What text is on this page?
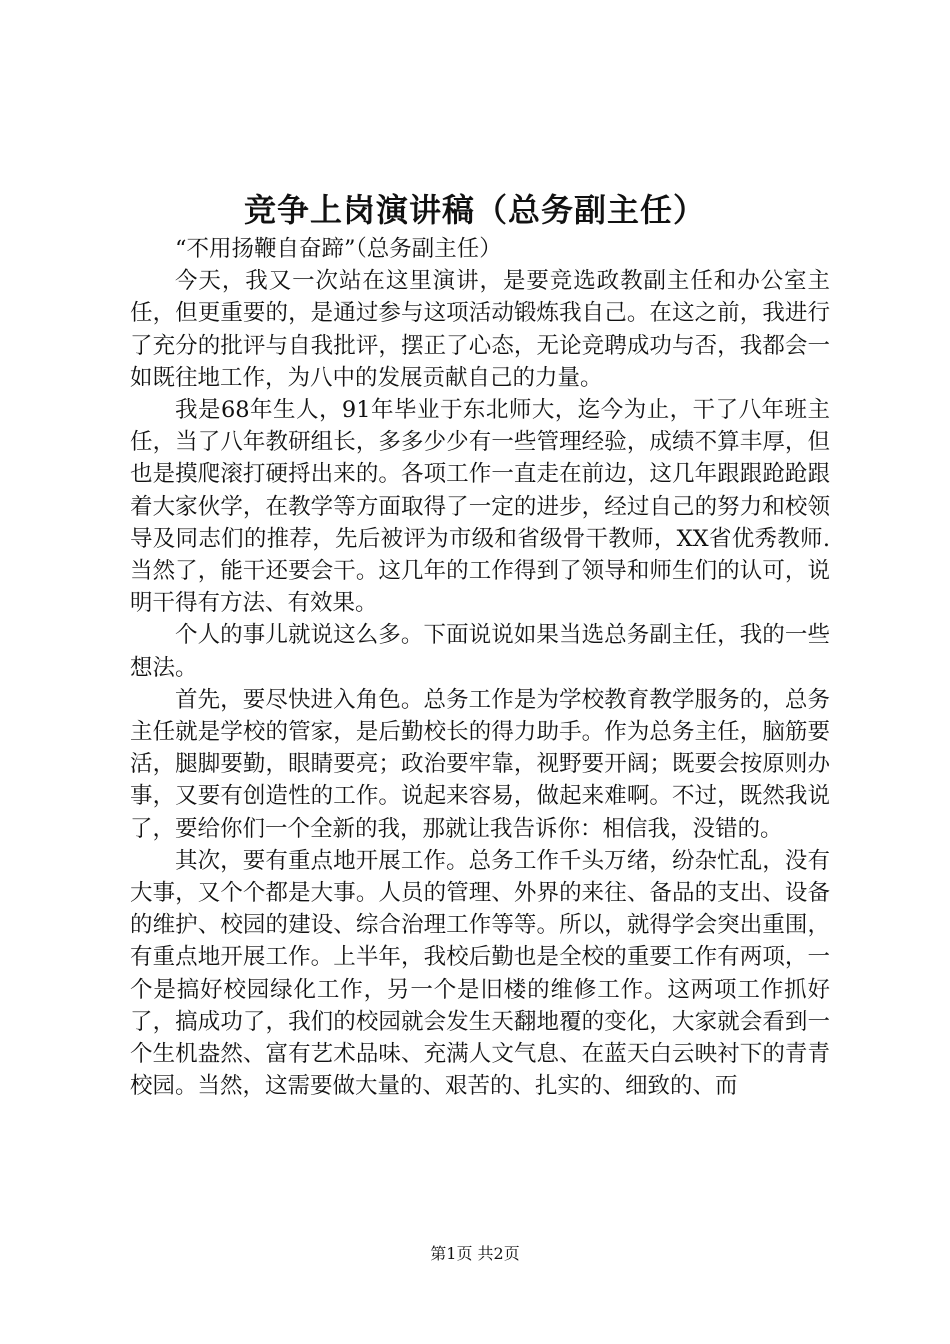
竞争上岗演讲稿（总务副主任）

“不用扬鞭自奋蹄”（总务副主任）

今天，我又一次站在这里演讲，是要竞选政教副主任和办公室主任，但更重要的，是通过参与这项活动锻炼我自己。在这之前，我进行了充分的批评与自我批评，摆正了心态，无论竞聘成功与否，我都会一如既往地工作，为八中的发展贡献自己的力量。

我是68年生人，91年毕业于东北师大，迄今为止，干了八年班主任，当了八年教研组长，多多少少有一些管理经验，成绩不算丰厚，但也是摸爬滚打硬捋出来的。各项工作一直走在前边，这几年跟跟跄跄跟着大家伙学，在教学等方面取得了一定的进步，经过自己的努力和校领导及同志们的推荐，先后被评为市级和省级骨干教师，XX省优秀教师.当然了，能干还要会干。这几年的工作得到了领导和师生们的认可，说明干得有方法、有效果。

个人的事儿就说这么多。下面说说如果当选总务副主任，我的一些想法。

首先，要尽快进入角色。总务工作是为学校教育教学服务的，总务主任就是学校的管家，是后勤校长的得力助手。作为总务主任，脑筋要活，腿脚要勤，眼睛要亮；政治要牢靠，视野要开阔；既要会按原则办事，又要有创造性的工作。说起来容易，做起来难啊。不过，既然我说了，要给你们一个全新的我，那就让我告诉你：相信我，没错的。

其次，要有重点地开展工作。总务工作千头万绪，纷杂忙乱，没有大事，又个个都是大事。人员的管理、外界的来往、备品的支出、设备的维护、校园的建设、综合治理工作等等。所以，就得学会突出重围，有重点地开展工作。上半年，我校后勤也是全校的重要工作有两项，一个是搞好校园绿化工作，另一个是旧楼的维修工作。这两项工作抓好了，搞成功了，我们的校园就会发生天翻地覆的变化，大家就会看到一个生机盎然、富有艺术品味、充满人文气息、在蓝天白云映衬下的青青校园。当然，这需要做大量的、艰苦的、扎实的、细致的、而

第1页 共2页
